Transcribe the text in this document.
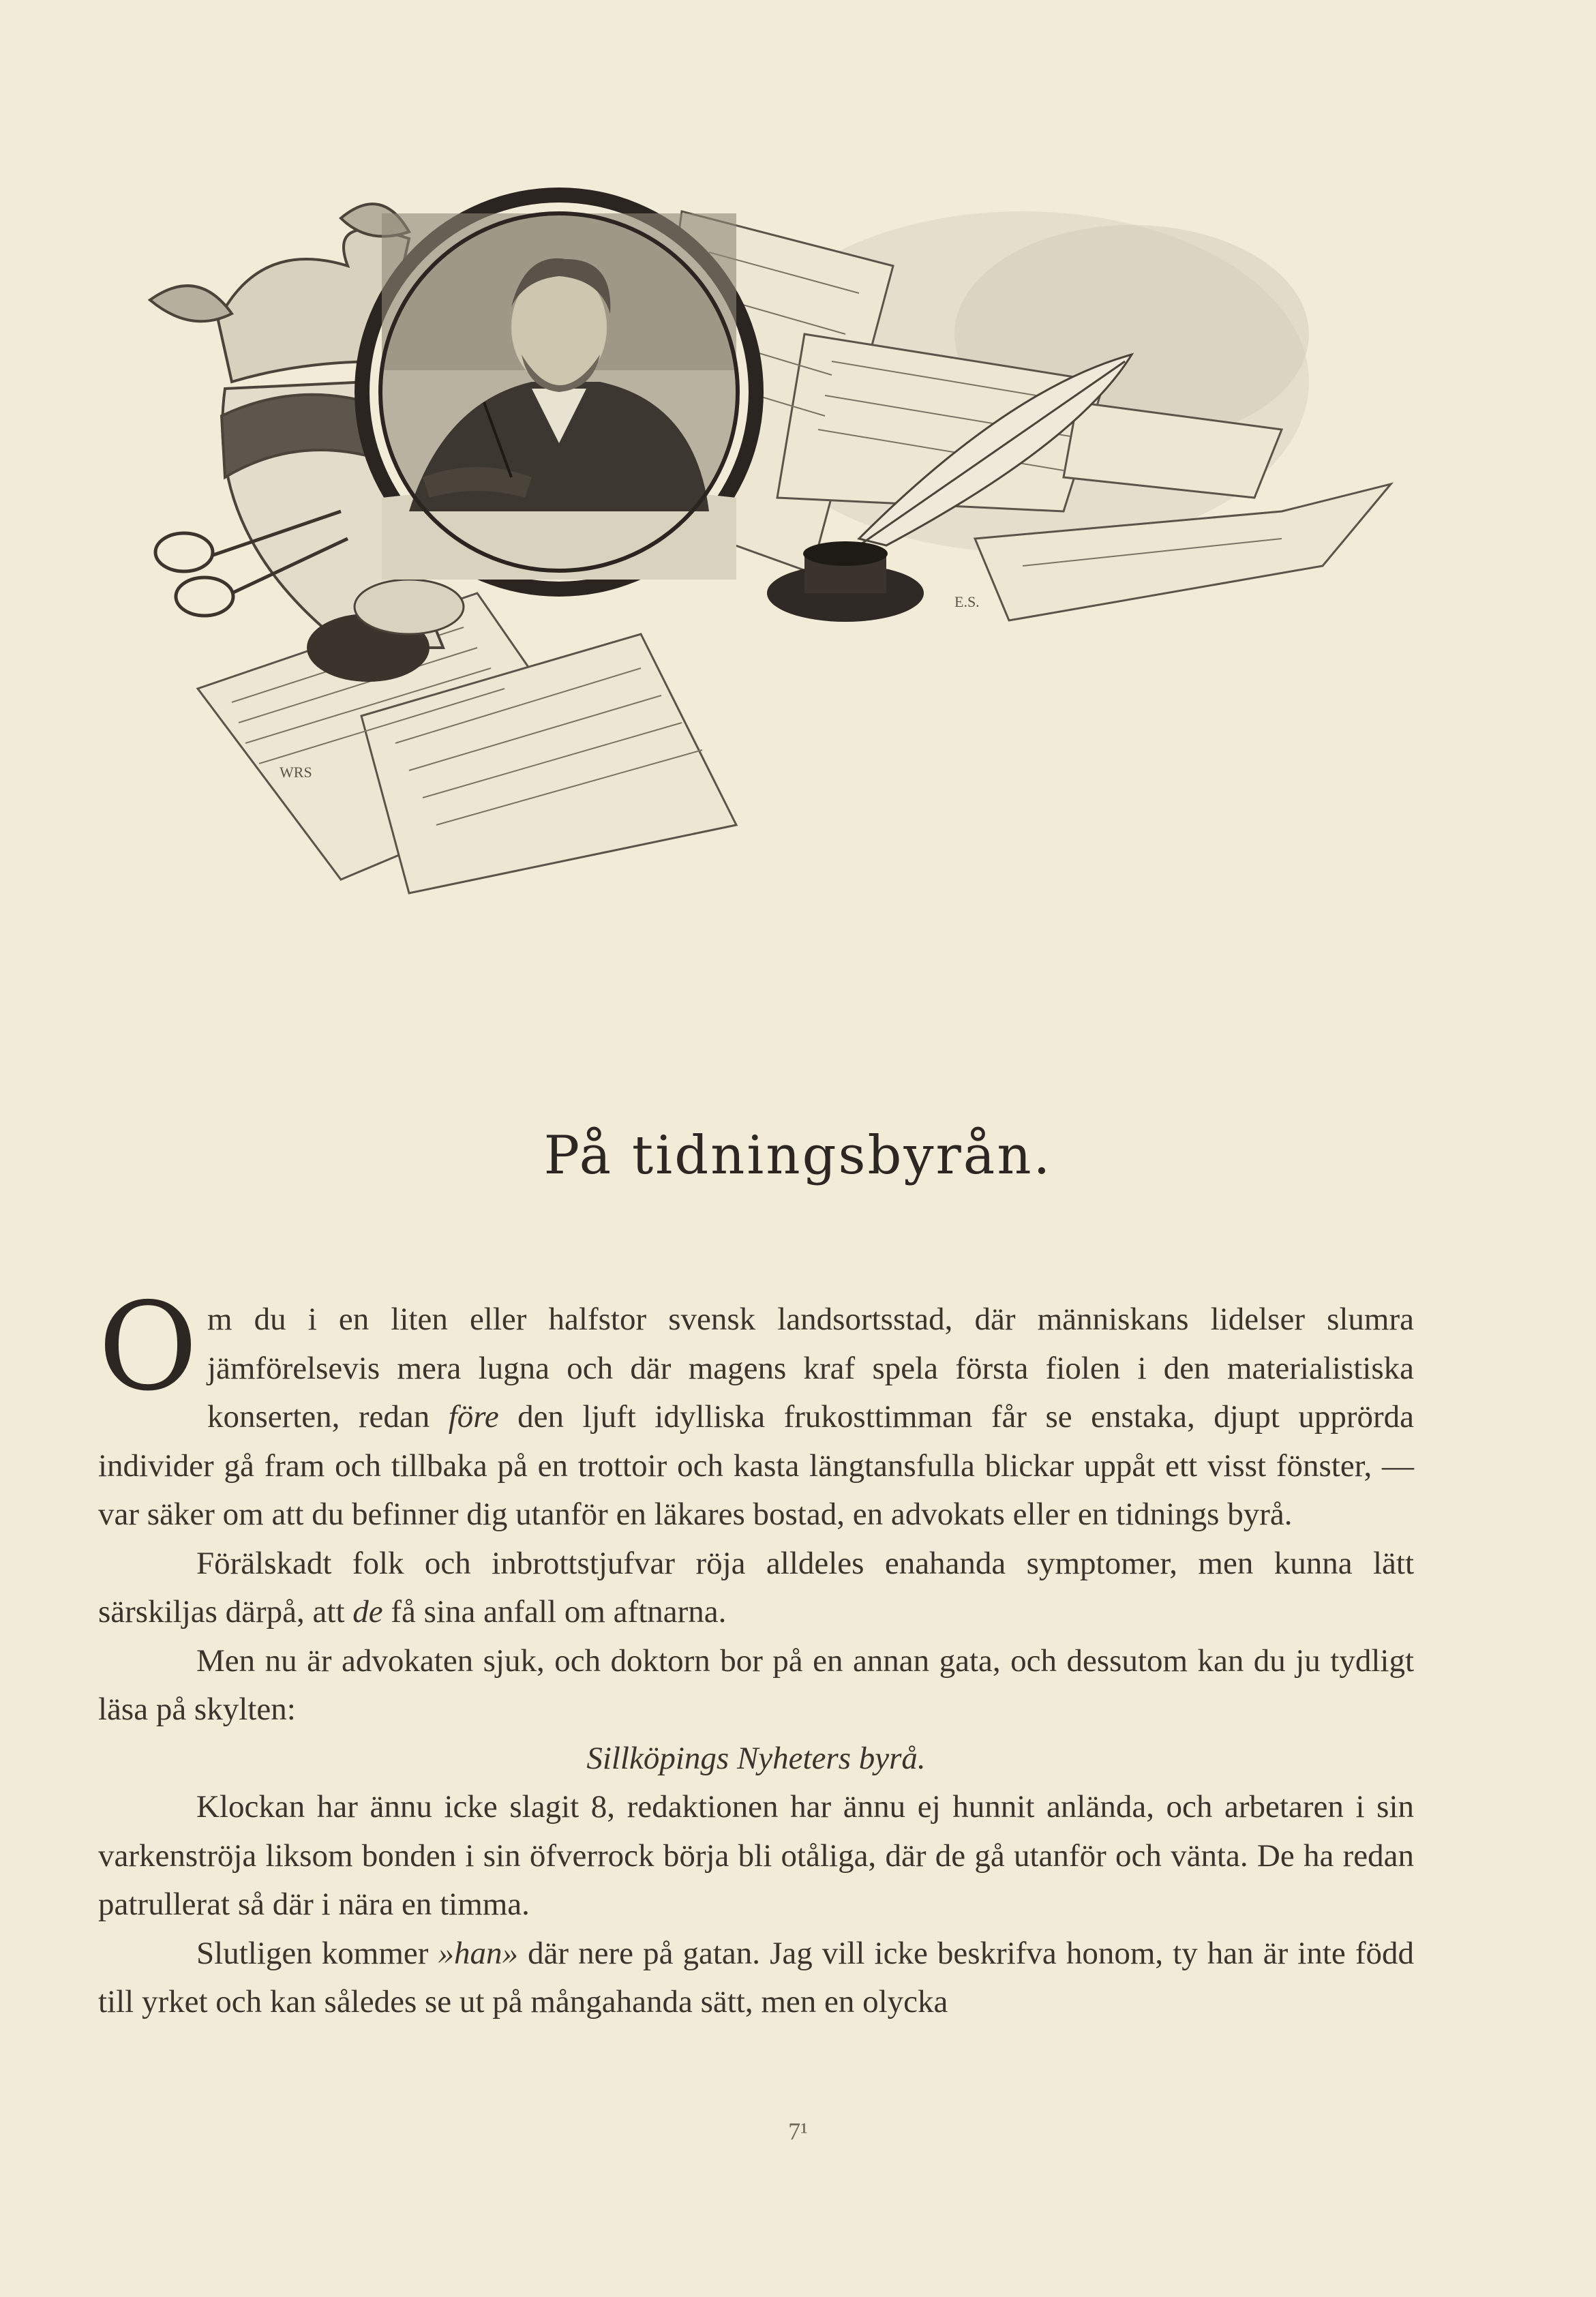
WRS
E.S.
På tidningsbyrån.

Om du i en liten eller halfstor svensk landsortsstad, där människans lidelser slumra jämförelsevis mera lugna och där magens kraf spela första fiolen i den materialistiska konserten, redan före den ljuft idylliska frukosttimman får se enstaka, djupt upprörda individer gå fram och tillbaka på en trottoir och kasta längtansfulla blickar uppåt ett visst fönster, — var säker om att du befinner dig utanför en läkares bostad, en advokats eller en tidnings byrå.

Förälskadt folk och inbrottstjufvar röja alldeles enahanda symptomer, men kunna lätt särskiljas därpå, att de få sina anfall om aftnarna.

Men nu är advokaten sjuk, och doktorn bor på en annan gata, och dessutom kan du ju tydligt läsa på skylten:

Sillköpings Nyheters byrå.

Klockan har ännu icke slagit 8, redaktionen har ännu ej hunnit anlända, och arbetaren i sin varkenströja liksom bonden i sin öfverrock börja bli otåliga, där de gå utanför och vänta. De ha redan patrullerat så där i nära en timma.

Slutligen kommer »han» där nere på gatan. Jag vill icke beskrifva honom, ty han är inte född till yrket och kan således se ut på mångahanda sätt, men en olycka

7¹
